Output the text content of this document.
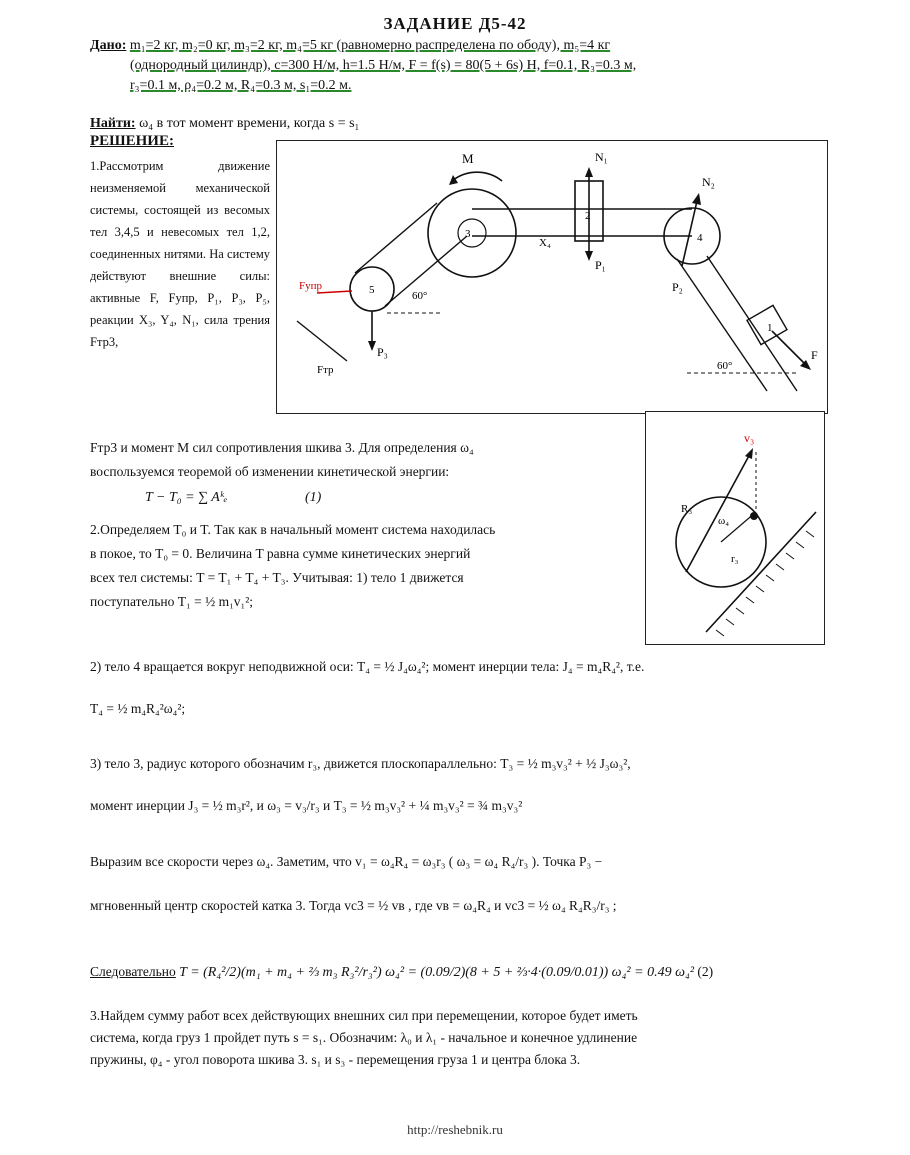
ЗАДАНИЕ Д5-42
Дано: m₁=2 кг, m₂=0 кг, m₃=2 кг, m₄=5 кг (равномерно распределена по ободу), m₅=4 кг
(однородный цилиндр), c=300 Н/м, h=1.5 Н/м, F = f(s) = 80(5 + 6s) Н, f=0.1, R₃=0.3 м,
r₃=0.1 м, ρ₄=0.2 м, R₄=0.3 м, s₁=0.2 м.
Найти: ω₄ в тот момент времени, когда s = s₁
РЕШЕНИЕ:
1.Рассмотрим движение неизменяемой механической системы, состоящей из весомых тел 3,4,5 и невесомых тел 1,2, соединенных нитями. На систему действуют внешние силы: активные F, Fупр, P₁, P₃, P₅, реакции X₃, Y₄, N₁, сила трения Fтр3,
M	N₁
N₂
P₁
P₂
P₃	F
Fупр
Fтр
X₄
60°
60°
1
2
3	4
5
v₃
ω₄
R₃
r₃
Fтр3 и момент M сил сопротивления шкива 3. Для определения ω₄
воспользуемся теоремой об изменении кинетической энергии:
T − T₀ = ∑ Aᵏₑ	(1)
2.Определяем T₀ и T. Так как в начальный момент система находилась
в покое, то T₀ = 0. Величина T равна сумме кинетических энергий
всех тел системы: T = T₁ + T₄ + T₃. Учитывая: 1) тело 1 движется
поступательно T₁ = ½ m₁v₁²;
2) тело 4 вращается вокруг неподвижной оси: T₄ = ½ J₄ω₄²; момент инерции тела: J₄ = m₄R₄², т.е.
T₄ = ½ m₄R₄²ω₄²;
3) тело 3, радиус которого обозначим r₃, движется плоскопараллельно: T₃ = ½ m₃v₃² + ½ J₃ω₃²,
момент инерции J₃ = ½ m₃r², и ω₃ = v₃/r₃ и T₃ = ½ m₃v₃² + ¼ m₃v₃² = ¾ m₃v₃²
Выразим все скорости через ω₄. Заметим, что v₁ = ω₄R₄ = ω₃r₃ ( ω₃ = ω₄ R₄/r₃ ). Точка P₃ −
мгновенный центр скоростей катка 3. Тогда vc3 = ½ vв , где vв = ω₄R₄ и vc3 = ½ ω₄ R₄R₃/r₃ ;
Следовательно T = (R₄²/2)(m₁ + m₄ + ⅔ m₃ R₃²/r₃²) ω₄² = (0.09/2)(8 + 5 + ⅔·4·(0.09/0.01)) ω₄² = 0.49 ω₄² (2)
3.Найдем сумму работ всех действующих внешних сил при перемещении, которое будет иметь
система, когда груз 1 пройдет путь s = s₁. Обозначим: λ₀ и λ₁ - начальное и конечное удлинение
пружины, φ₄ - угол поворота шкива 3. s₁ и s₃ - перемещения груза 1 и центра блока 3.
http://reshebnik.ru
